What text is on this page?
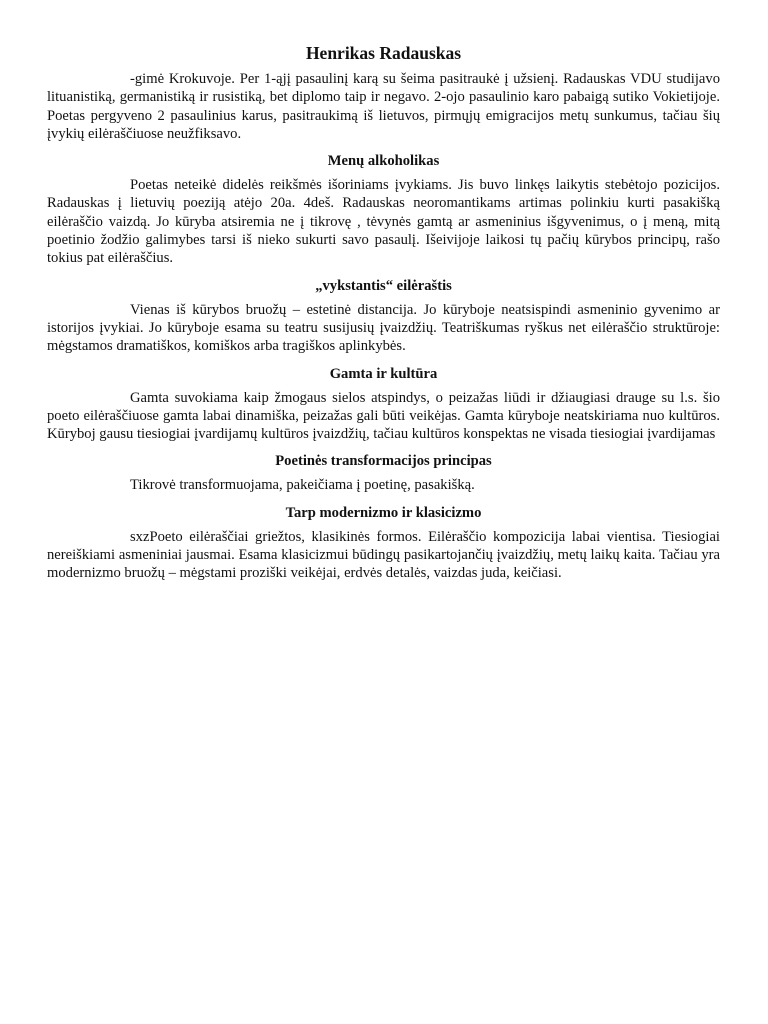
Henrikas Radauskas

-gimė Krokuvoje. Per 1-ąjį pasaulinį karą su šeima pasitraukė į užsienį. Radauskas VDU studijavo lituanistiką, germanistiką ir rusistiką, bet diplomo taip ir negavo. 2-ojo pasaulinio karo pabaigą sutiko Vokietijoje. Poetas pergyveno 2 pasaulinius karus, pasitraukimą iš lietuvos, pirmųjų emigracijos metų sunkumus, tačiau šių įvykių eilėraščiuose neužfiksavo.

Menų alkoholikas

Poetas neteikė didelės reikšmės išoriniams įvykiams. Jis buvo linkęs laikytis stebėtojo pozicijos. Radauskas į lietuvių poeziją atėjo 20a. 4deš. Radauskas neoromantikams artimas polinkiu kurti pasakišką eilėraščio vaizdą. Jo kūryba atsiremia ne į tikrovę , tėvynės gamtą ar asmeninius išgyvenimus, o į meną, mitą poetinio žodžio galimybes tarsi iš nieko sukurti savo pasaulį. Išeivijoje laikosi tų pačių kūrybos principų, rašo tokius pat eilėraščius.

„vykstantis“ eilėraštis

Vienas iš kūrybos bruožų – estetinė distancija. Jo kūryboje neatsispindi asmeninio gyvenimo ar istorijos įvykiai. Jo kūryboje esama su teatru susijusių įvaizdžių. Teatriškumas ryškus net eilėraščio struktūroje: mėgstamos dramatiškos, komiškos arba tragiškos aplinkybės.

Gamta ir kultūra

Gamta suvokiama kaip žmogaus sielos atspindys, o peizažas liūdi ir džiaugiasi drauge su l.s. šio poeto eilėraščiuose gamta labai dinamiška, peizažas gali būti veikėjas. Gamta kūryboje neatskiriama nuo kultūros. Kūryboj gausu tiesiogiai įvardijamų kultūros įvaizdžių, tačiau kultūros konspektas ne visada tiesiogiai įvardijamas

Poetinės transformacijos principas

Tikrovė transformuojama, pakeičiama į poetinę, pasakišką.

Tarp modernizmo ir klasicizmo

sxzPoeto eilėraščiai griežtos, klasikinės formos. Eilėraščio kompozicija labai vientisa. Tiesiogiai nereiškiami asmeniniai jausmai. Esama klasicizmui būdingų pasikartojančių įvaizdžių, metų laikų kaita. Tačiau yra modernizmo bruožų – mėgstami proziški veikėjai, erdvės detalės, vaizdas juda, keičiasi.
